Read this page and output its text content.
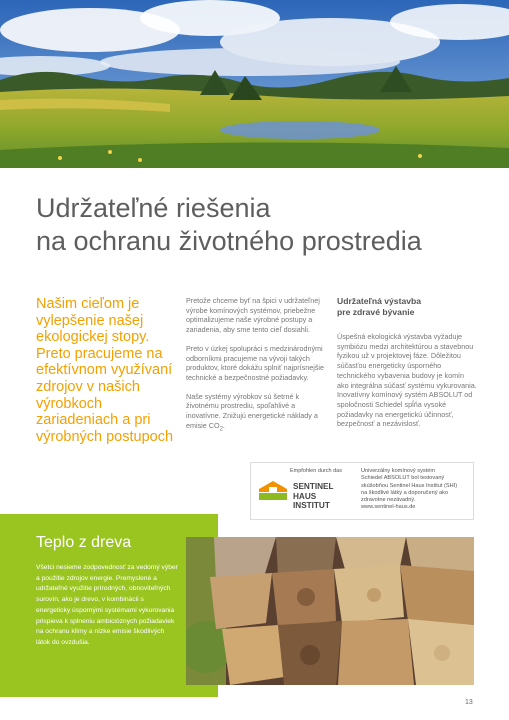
Udržateľné riešenia
na ochranu životného prostredia
Našim cieľom je vylepšenie našej ekologickej stopy. Preto pracujeme na efektívnom využívaní zdrojov v našich výrobkoch zariadeniach a pri výrobných postupoch

Pretože chceme byť na špici v udržateľnej výrobe komínových systémov, priebežne optimalizujeme naše výrobné postupy a zariadenia, aby sme tento cieľ dosiahli.

Preto v úzkej spolupráci s medzinárodnými odborníkmi pracujeme na vývoji takých produktov, ktoré dokážu splniť najprísnejšie technické a bezpečnostné požiadavky.

Naše systémy výrobkov sú šetrné k životnému prostrediu, spoľahlivé a inovatívne. Znižujú energetické náklady a emisie $CO_2$.

Udržateľná výstavba
pre zdravé bývanie

Úspešná ekologická výstavba vyžaduje symbiózu medzi architektúrou a stavebnou fyzikou už v projektovej fáze. Dôležitou súčasťou energeticky úsporného technického vybavenia budovy je komín ako integrálna súčasť systému vykurovania. Inovatívny komínový systém ABSOLUT od spoločnosti Schiedel spĺňa vysoké požiadavky na energetickú účinnosť, bezpečnosť a nezávislosť.

Empfohlen durch das
SENTINEL HAUS
INSTITUT
Univerzálny komínový systém
Schiedel ABSOLUT bol testovaný
skúšobňou Sentinel Haus Institut (SHI)
na škodlivé látky a doporučený ako
zdravotne nezávadný.
www.sentinel-haus.de
Teplo z dreva

Všetci nesieme zodpovednosť za vedomý výber a použitie zdrojov energie. Premyslené a udržateľné využitie prírodných, obnoviteľných surovín, ako je drevo, v kombinácii s energeticky úspornými systémami vykurovania prispieva k splneniu ambicióznych požiadaviek na ochranu klímy a nízke emisie škodlivých látok do ovzdušia.

13
